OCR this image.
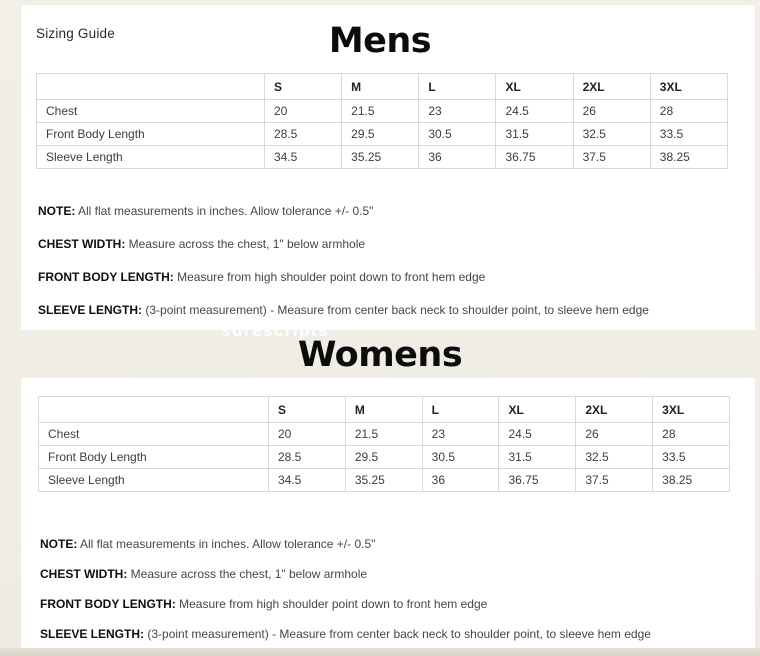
Sizing Guide	Mens
	S	M	L	XL	2XL	3XL
Chest	20	21.5	23	24.5	26	28
Front Body Length	28.5	29.5	30.5	31.5	32.5	33.5
Sleeve Length	34.5	35.25	36	36.75	37.5	38.25
NOTE: All flat measurements in inches. Allow tolerance +/- 0.5"
CHEST WIDTH: Measure across the chest, 1" below armhole
FRONT BODY LENGTH: Measure from high shoulder point down to front hem edge
SLEEVE LENGTH: (3-point measurement) - Measure from center back neck to shoulder point, to sleeve hem edge
surescripts
Womens
	S	M	L	XL	2XL	3XL
Chest	20	21.5	23	24.5	26	28
Front Body Length	28.5	29.5	30.5	31.5	32.5	33.5
Sleeve Length	34.5	35.25	36	36.75	37.5	38.25
NOTE: All flat measurements in inches. Allow tolerance +/- 0.5"
CHEST WIDTH: Measure across the chest, 1" below armhole
FRONT BODY LENGTH: Measure from high shoulder point down to front hem edge
SLEEVE LENGTH: (3-point measurement) - Measure from center back neck to shoulder point, to sleeve hem edge
